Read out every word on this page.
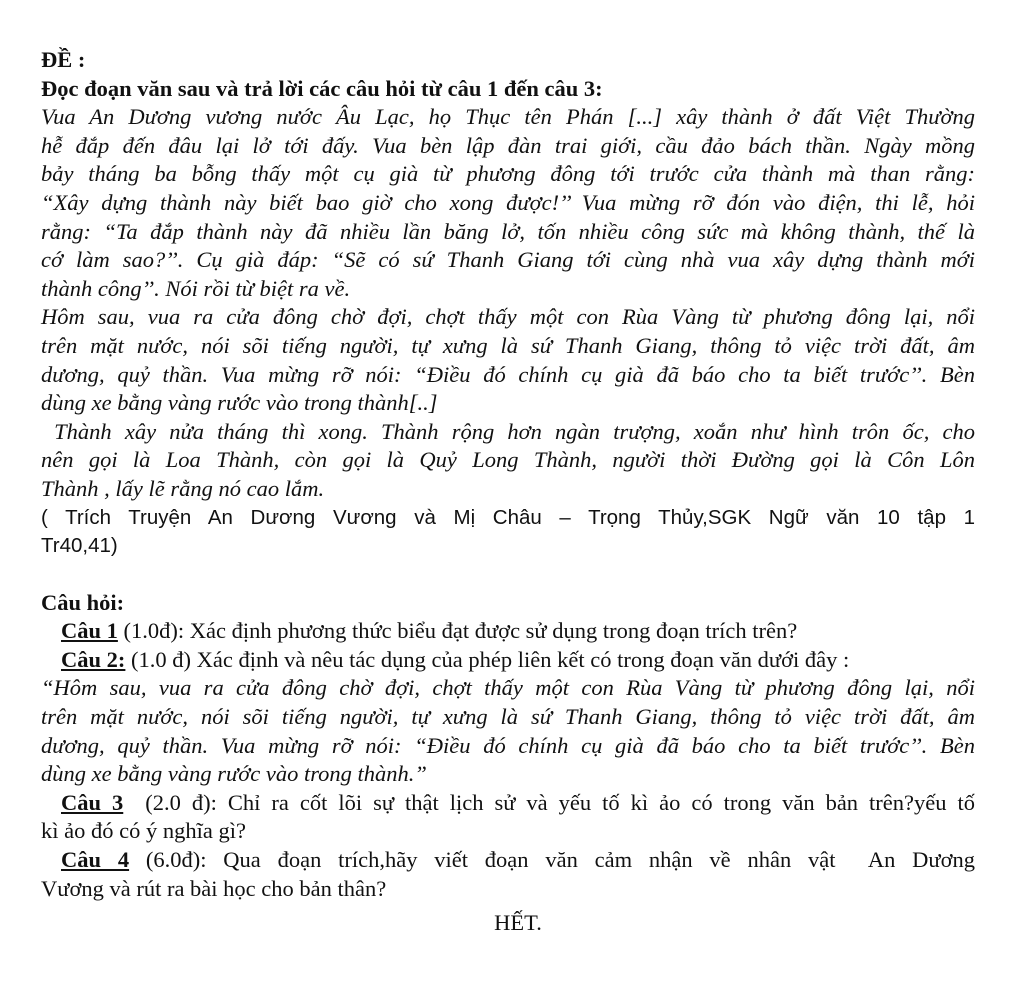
ĐỀ :
Đọc đoạn văn sau và trả lời các câu hỏi từ câu 1 đến câu 3:
Vua An Dương vương nước Âu Lạc, họ Thục tên Phán [...] xây thành ở đất Việt Thường
hễ đắp đến đâu lại lở tới đấy. Vua bèn lập đàn trai giới, cầu đảo bách thần. Ngày mồng
bảy tháng ba bỗng thấy một cụ già từ phương đông tới trước cửa thành mà than rằng:
“Xây dựng thành này biết bao giờ cho xong được!’’ Vua mừng rỡ đón vào điện, thi lễ, hỏi
rằng: “Ta đắp thành này đã nhiều lần băng lở, tốn nhiều công sức mà không thành, thế là
cớ làm sao?’’. Cụ già đáp: “Sẽ có sứ Thanh Giang tới cùng nhà vua xây dựng thành mới
thành công’’. Nói rồi từ biệt ra về.
Hôm sau, vua ra cửa đông chờ đợi, chợt thấy một con Rùa Vàng từ phương đông lại, nổi
trên mặt nước, nói sõi tiếng người, tự xưng là sứ Thanh Giang, thông tỏ việc trời đất, âm
dương, quỷ thần. Vua mừng rỡ nói: “Điều đó chính cụ già đã báo cho ta biết trước’’. Bèn
dùng xe bằng vàng rước vào trong thành[..]
Thành xây nửa tháng thì xong. Thành rộng hơn ngàn trượng, xoắn như hình trôn ốc, cho
nên gọi là Loa Thành, còn gọi là Quỷ Long Thành, người thời Đường gọi là Côn Lôn
Thành , lấy lẽ rằng nó cao lắm.
( Trích Truyện An Dương Vương và Mị Châu – Trọng Thủy,SGK Ngữ văn 10 tập 1
Tr40,41)
Câu hỏi:
Câu 1 (1.0đ): Xác định phương thức biểu đạt được sử dụng trong đoạn trích trên?
Câu 2: (1.0 đ) Xác định và nêu tác dụng của phép liên kết có trong đoạn văn dưới đây :
“Hôm sau, vua ra cửa đông chờ đợi, chợt thấy một con Rùa Vàng từ phương đông lại, nổi
trên mặt nước, nói sõi tiếng người, tự xưng là sứ Thanh Giang, thông tỏ việc trời đất, âm
dương, quỷ thần. Vua mừng rỡ nói: “Điều đó chính cụ già đã báo cho ta biết trước’’. Bèn
dùng xe bằng vàng rước vào trong thành.”
Câu 3  (2.0 đ): Chỉ ra cốt lõi sự thật lịch sử và yếu tố kì ảo có trong văn bản trên?yếu tố
kì ảo đó có ý nghĩa gì?
Câu 4 (6.0đ): Qua đoạn trích,hãy viết đoạn văn cảm nhận về nhân vật  An Dương
Vương và rút ra bài học cho bản thân?
HẾT.
